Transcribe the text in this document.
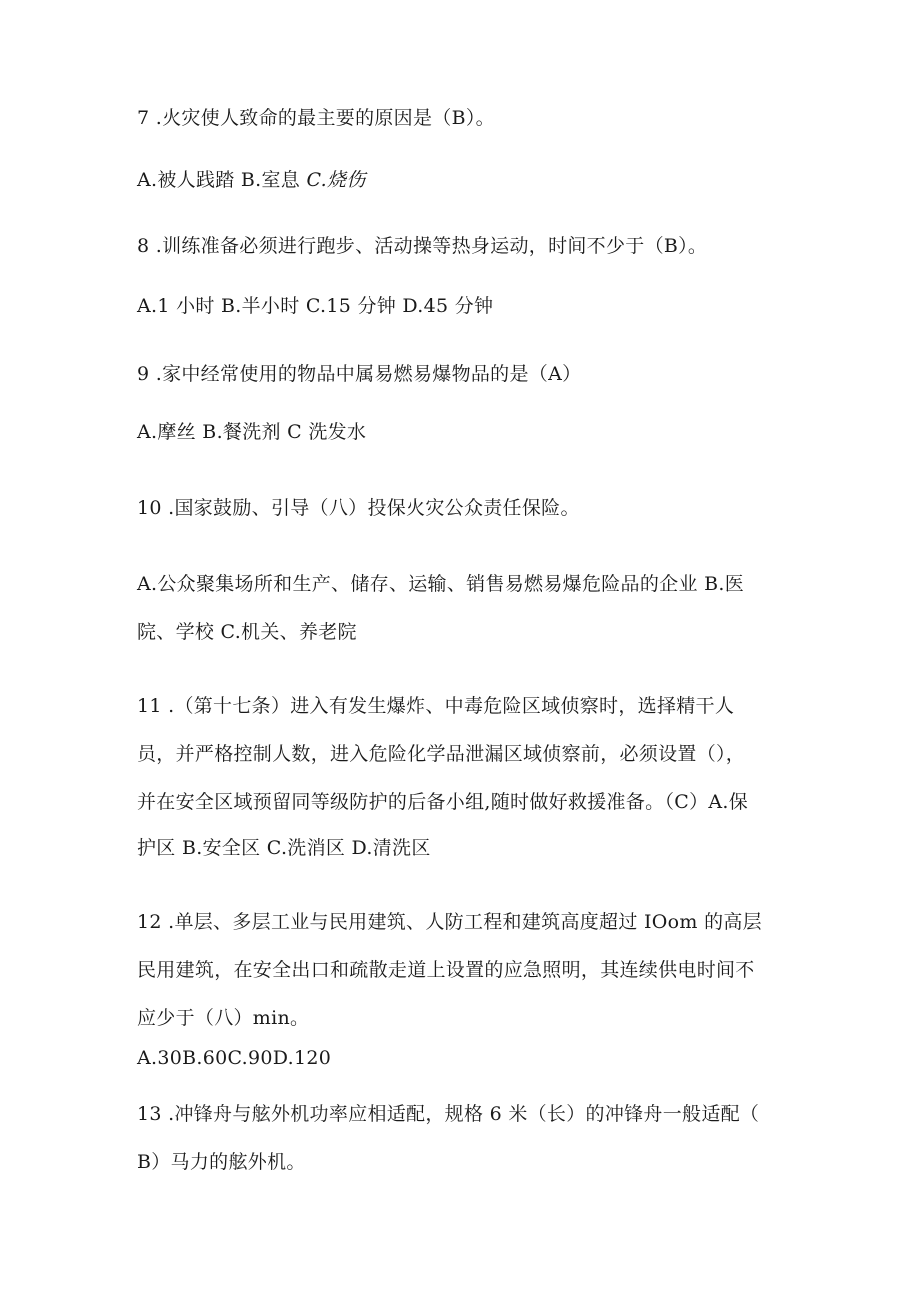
7 .火灾使人致命的最主要的原因是（B）。
A.被人践踏 B.室息 C.烧伤
8 .训练准备必须进行跑步、活动操等热身运动，时间不少于（B）。
A.1 小时 B.半小时 C.15 分钟 D.45 分钟
9 .家中经常使用的物品中属易燃易爆物品的是（A）
A.摩丝 B.餐洗剂 C 洗发水
10 .国家鼓励、引导（八）投保火灾公众责任保险。
A.公众聚集场所和生产、储存、运输、销售易燃易爆危险品的企业 B.医
院、学校 C.机关、养老院
11 .（第十七条）进入有发生爆炸、中毒危险区域侦察时，选择精干人
员，并严格控制人数，进入危险化学品泄漏区域侦察前，必须设置（），
并在安全区域预留同等级防护的后备小组,随时做好救援准备。（C）A.保
护区 B.安全区 C.洗消区 D.清洗区
12 .单层、多层工业与民用建筑、人防工程和建筑高度超过 IOom 的高层
民用建筑，在安全出口和疏散走道上设置的应急照明，其连续供电时间不
应少于（八）min。
A.30B.60C.90D.120
13 .冲锋舟与舷外机功率应相适配，规格 6 米（长）的冲锋舟一般适配（
B）马力的舷外机。
